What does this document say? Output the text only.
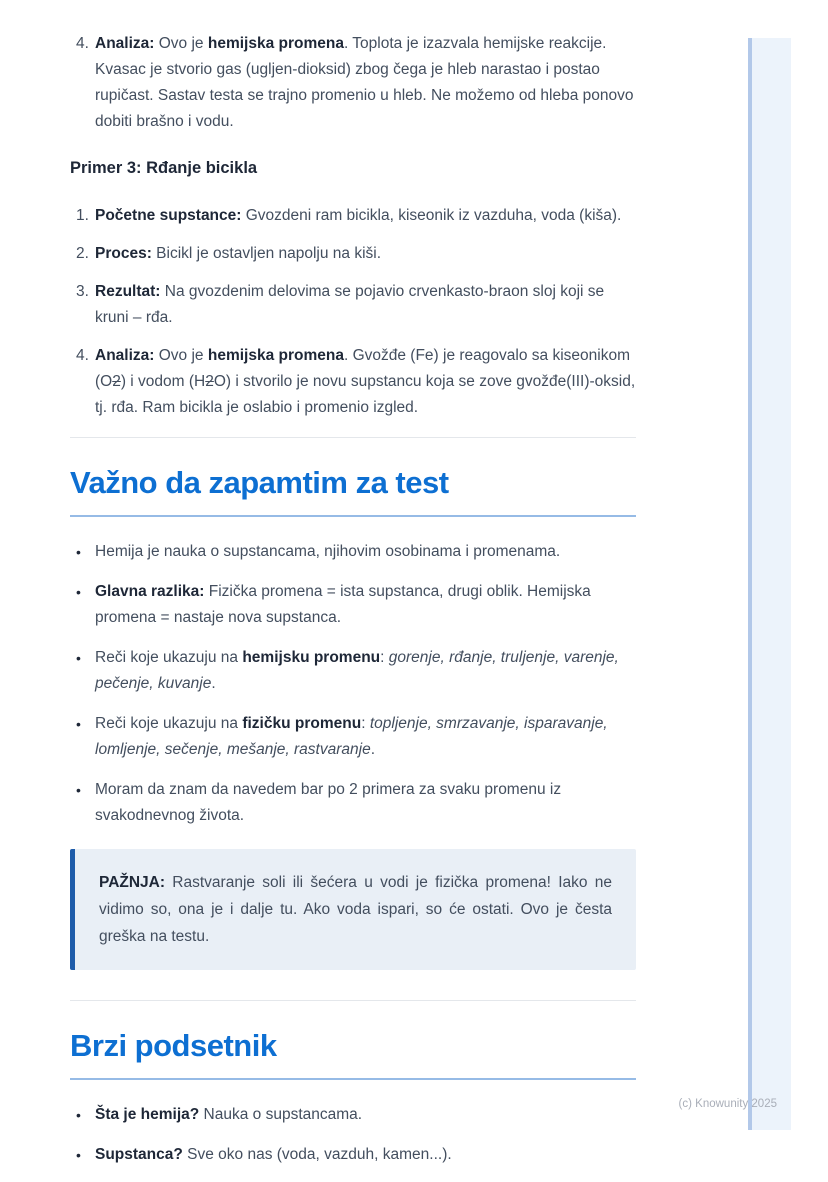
(c) Knowunity 2025
4. Analiza: Ovo je hemijska promena. Toplota je izazvala hemijske reakcije. Kvasac je stvorio gas (ugljen-dioksid) zbog čega je hleb narastao i postao rupičast. Sastav testa se trajno promenio u hleb. Ne možemo od hleba ponovo dobiti brašno i vodu.
Primer 3: Rđanje bicikla
1. Početne supstance: Gvozdeni ram bicikla, kiseonik iz vazduha, voda (kiša).
2. Proces: Bicikl je ostavljen napolju na kiši.
3. Rezultat: Na gvozdenim delovima se pojavio crvenkasto-braon sloj koji se kruni – rđa.
4. Analiza: Ovo je hemijska promena. Gvožđe (Fe) je reagovalo sa kiseonikom (O2) i vodom (H2O) i stvorilo je novu supstancu koja se zove gvožđe(III)-oksid, tj. rđa. Ram bicikla je oslabio i promenio izgled.
Važno da zapamtim za test
• Hemija je nauka o supstancama, njihovim osobinama i promenama.
• Glavna razlika: Fizička promena = ista supstanca, drugi oblik. Hemijska promena = nastaje nova supstanca.
• Reči koje ukazuju na hemijsku promenu: gorenje, rđanje, truljenje, varenje, pečenje, kuvanje.
• Reči koje ukazuju na fizičku promenu: topljenje, smrzavanje, isparavanje, lomljenje, sečenje, mešanje, rastvaranje.
• Moram da znam da navedem bar po 2 primera za svaku promenu iz svakodnevnog života.
PAŽNJA: Rastvaranje soli ili šećera u vodi je fizička promena! Iako ne vidimo so, ona je i dalje tu. Ako voda ispari, so će ostati. Ovo je česta greška na testu.
Brzi podsetnik
• Šta je hemija? Nauka o supstancama.
• Supstanca? Sve oko nas (voda, vazduh, kamen...).
